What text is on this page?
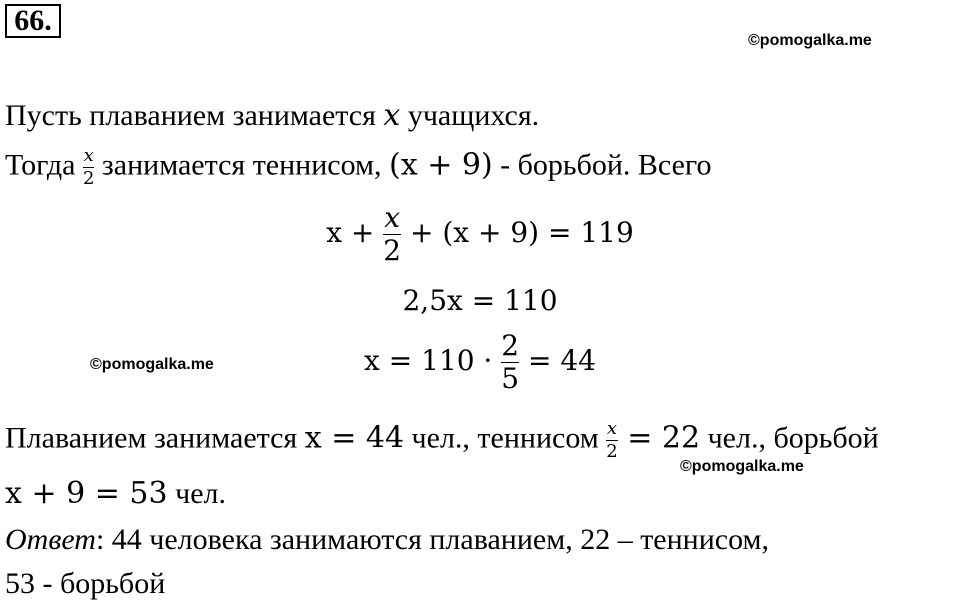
66.
©pomogalka.me
Пусть плаванием занимается x учащихся.
Тогда $\frac{x}{2}$ занимается теннисом, (x + 9) - борьбой. Всего
$x + \frac{x}{2} + (x + 9) = 119$
2,5x = 110
©pomogalka.me	$x = 110 \cdot \frac{2}{5} = 44$
Плаванием занимается x = 44 чел., теннисом $\frac{x}{2} = 22$ чел., борьбой
©pomogalka.me
x + 9 = 53 чел.
Ответ: 44 человека занимаются плаванием, 22 – теннисом,
53 - борьбой
